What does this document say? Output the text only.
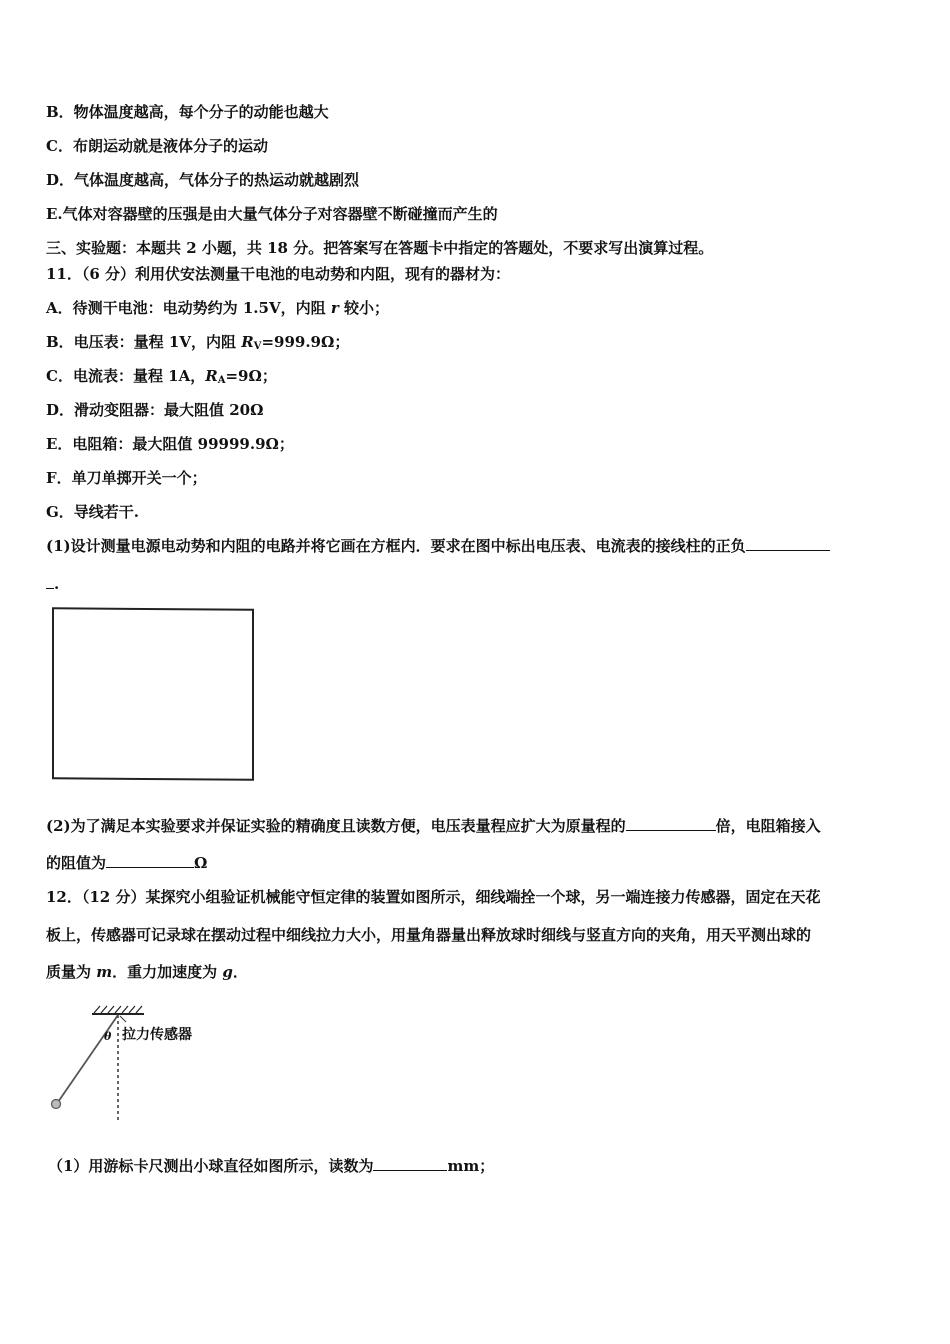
B．物体温度越高，每个分子的动能也越大
C．布朗运动就是液体分子的运动
D．气体温度越高，气体分子的热运动就越剧烈
E.气体对容器壁的压强是由大量气体分子对容器壁不断碰撞而产生的
三、实验题：本题共 2 小题，共 18 分。把答案写在答题卡中指定的答题处，不要求写出演算过程。
11．（6 分）利用伏安法测量干电池的电动势和内阻，现有的器材为：
A．待测干电池：电动势约为 1.5V，内阻 r 较小；
B．电压表：量程 1V，内阻 $R_V=999.9\Omega$；
C．电流表：量程 1A，$R_A=9\Omega$；
D．滑动变阻器：最大阻值 20Ω
E．电阻箱：最大阻值 99999.9Ω；
F．单刀单掷开关一个；
G．导线若干.
(1)设计测量电源电动势和内阻的电路并将它画在方框内．要求在图中标出电压表、电流表的接线柱的正负
.
(2)为了满足本实验要求并保证实验的精确度且读数方便，电压表量程应扩大为原量程的	倍，电阻箱接入
的阻值为	Ω
12．（12 分）某探究小组验证机械能守恒定律的装置如图所示，细线端拴一个球，另一端连接力传感器，固定在天花
板上，传感器可记录球在摆动过程中细线拉力大小，用量角器量出释放球时细线与竖直方向的夹角，用天平测出球的
质量为 m．重力加速度为 g．
θ 拉力传感器
（1）用游标卡尺测出小球直径如图所示，读数为	mm；
